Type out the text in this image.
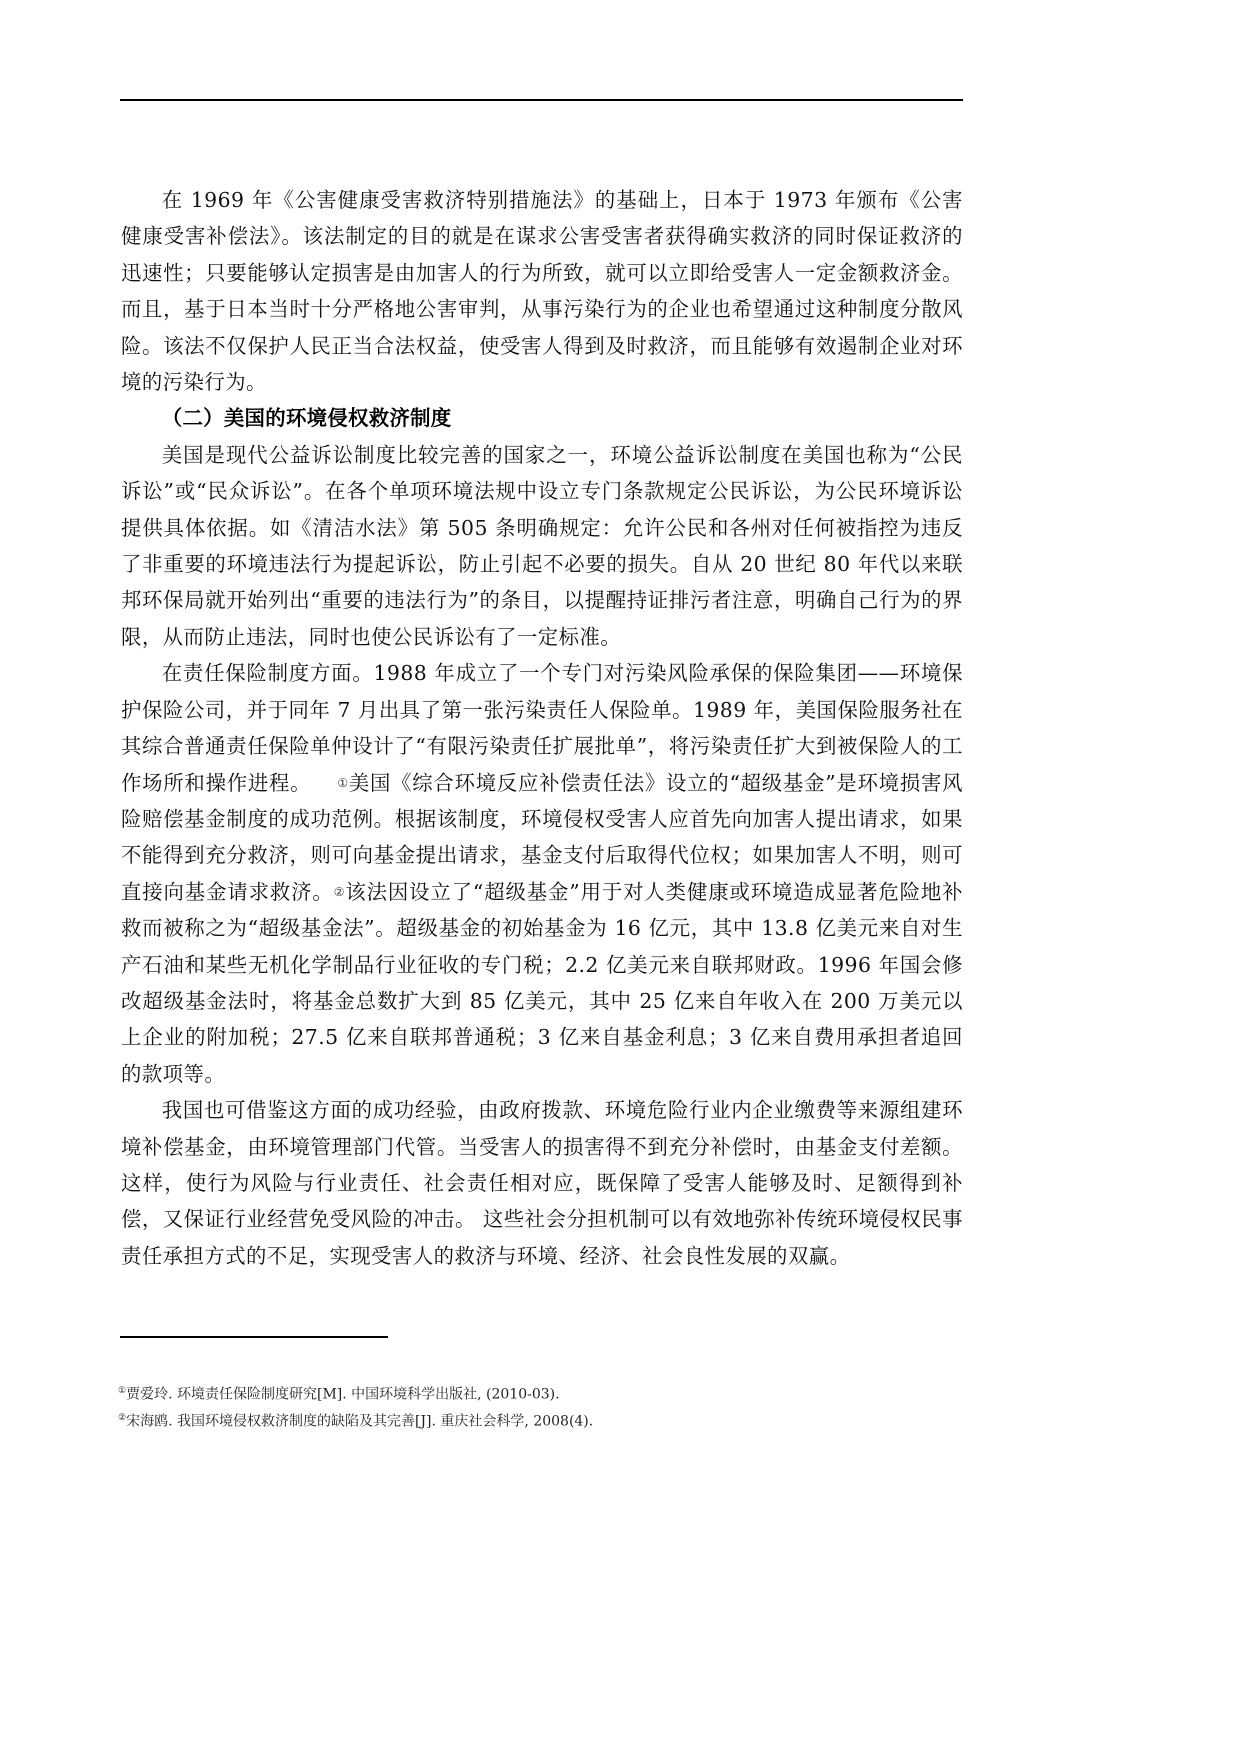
在 1969 年《公害健康受害救济特别措施法》的基础上，日本于 1973 年颁布《公害健康受害补偿法》。该法制定的目的就是在谋求公害受害者获得确实救济的同时保证救济的迅速性；只要能够认定损害是由加害人的行为所致，就可以立即给受害人一定金额救济金。而且，基于日本当时十分严格地公害审判，从事污染行为的企业也希望通过这种制度分散风险。该法不仅保护人民正当合法权益，使受害人得到及时救济，而且能够有效遏制企业对环境的污染行为。

（二）美国的环境侵权救济制度

美国是现代公益诉讼制度比较完善的国家之一，环境公益诉讼制度在美国也称为“公民诉讼”或“民众诉讼”。在各个单项环境法规中设立专门条款规定公民诉讼，为公民环境诉讼提供具体依据。如《清洁水法》第 505 条明确规定：允许公民和各州对任何被指控为违反了非重要的环境违法行为提起诉讼，防止引起不必要的损失。自从 20 世纪 80 年代以来联邦环保局就开始列出“重要的违法行为”的条目，以提醒持证排污者注意，明确自己行为的界限，从而防止违法，同时也使公民诉讼有了一定标准。

在责任保险制度方面。1988 年成立了一个专门对污染风险承保的保险集团——环境保护保险公司，并于同年 7 月出具了第一张污染责任人保险单。1989 年，美国保险服务社在其综合普通责任保险单仲设计了“有限污染责任扩展批单”，将污染责任扩大到被保险人的工作场所和操作进程。 ①美国《综合环境反应补偿责任法》设立的“超级基金”是环境损害风险赔偿基金制度的成功范例。根据该制度，环境侵权受害人应首先向加害人提出请求，如果不能得到充分救济，则可向基金提出请求，基金支付后取得代位权；如果加害人不明，则可直接向基金请求救济。②该法因设立了“超级基金”用于对人类健康或环境造成显著危险地补救而被称之为“超级基金法”。超级基金的初始基金为 16 亿元，其中 13.8 亿美元来自对生产石油和某些无机化学制品行业征收的专门税；2.2 亿美元来自联邦财政。1996 年国会修改超级基金法时，将基金总数扩大到 85 亿美元，其中 25 亿来自年收入在 200 万美元以上企业的附加税；27.5 亿来自联邦普通税；3 亿来自基金利息；3 亿来自费用承担者追回的款项等。

我国也可借鉴这方面的成功经验，由政府拨款、环境危险行业内企业缴费等来源组建环境补偿基金，由环境管理部门代管。当受害人的损害得不到充分补偿时，由基金支付差额。这样，使行为风险与行业责任、社会责任相对应，既保障了受害人能够及时、足额得到补偿，又保证行业经营免受风险的冲击。 这些社会分担机制可以有效地弥补传统环境侵权民事责任承担方式的不足，实现受害人的救济与环境、经济、社会良性发展的双赢。

①贾爱玲. 环境责任保险制度研究[M]. 中国环境科学出版社, (2010-03).

②宋海鸥. 我国环境侵权救济制度的缺陷及其完善[J]. 重庆社会科学, 2008(4).
